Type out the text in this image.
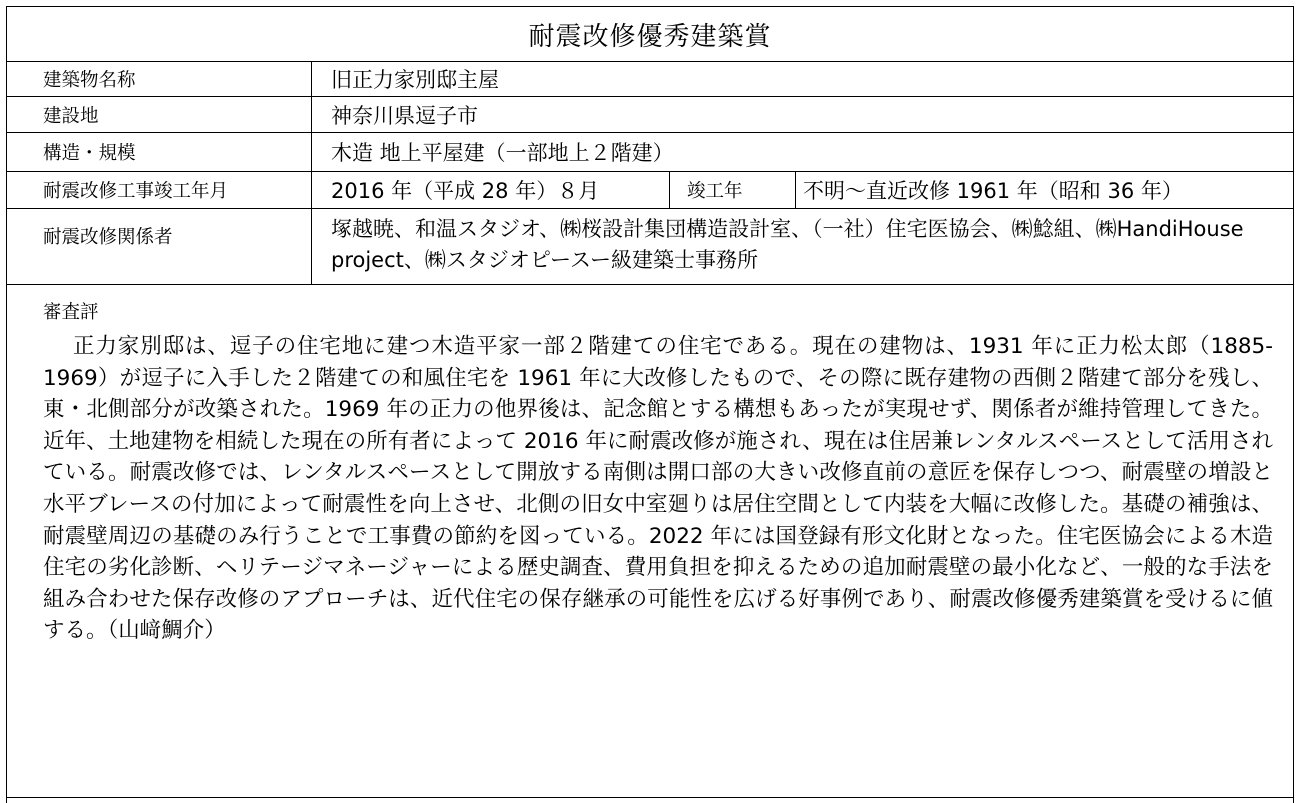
耐震改修優秀建築賞
建築物名称	旧正力家別邸主屋
建設地	神奈川県逗子市
構造・規模	木造 地上平屋建（一部地上２階建）
耐震改修工事竣工年月	2016 年（平成 28 年）８月	竣工年	不明～直近改修 1961 年（昭和 36 年）
耐震改修関係者	塚越暁、和温スタジオ、㈱桜設計集団構造設計室、（一社）住宅医協会、㈱鯰組、㈱HandiHouse project、㈱スタジオピースー級建築士事務所
審査評
正力家別邸は、逗子の住宅地に建つ木造平家一部２階建ての住宅である。現在の建物は、1931 年に正力松太郎（1885-1969）が逗子に入手した２階建ての和風住宅を 1961 年に大改修したもので、その際に既存建物の西側２階建て部分を残し、東・北側部分が改築された。1969 年の正力の他界後は、記念館とする構想もあったが実現せず、関係者が維持管理してきた。近年、土地建物を相続した現在の所有者によって 2016 年に耐震改修が施され、現在は住居兼レンタルスペースとして活用されている。耐震改修では、レンタルスペースとして開放する南側は開口部の大きい改修直前の意匠を保存しつつ、耐震壁の増設と水平ブレースの付加によって耐震性を向上させ、北側の旧女中室廻りは居住空間として内装を大幅に改修した。基礎の補強は、耐震壁周辺の基礎のみ行うことで工事費の節約を図っている。2022 年には国登録有形文化財となった。住宅医協会による木造住宅の劣化診断、ヘリテージマネージャーによる歴史調査、費用負担を抑えるための追加耐震壁の最小化など、一般的な手法を組み合わせた保存改修のアプローチは、近代住宅の保存継承の可能性を広げる好事例であり、耐震改修優秀建築賞を受けるに値する。（山﨑鯛介）
